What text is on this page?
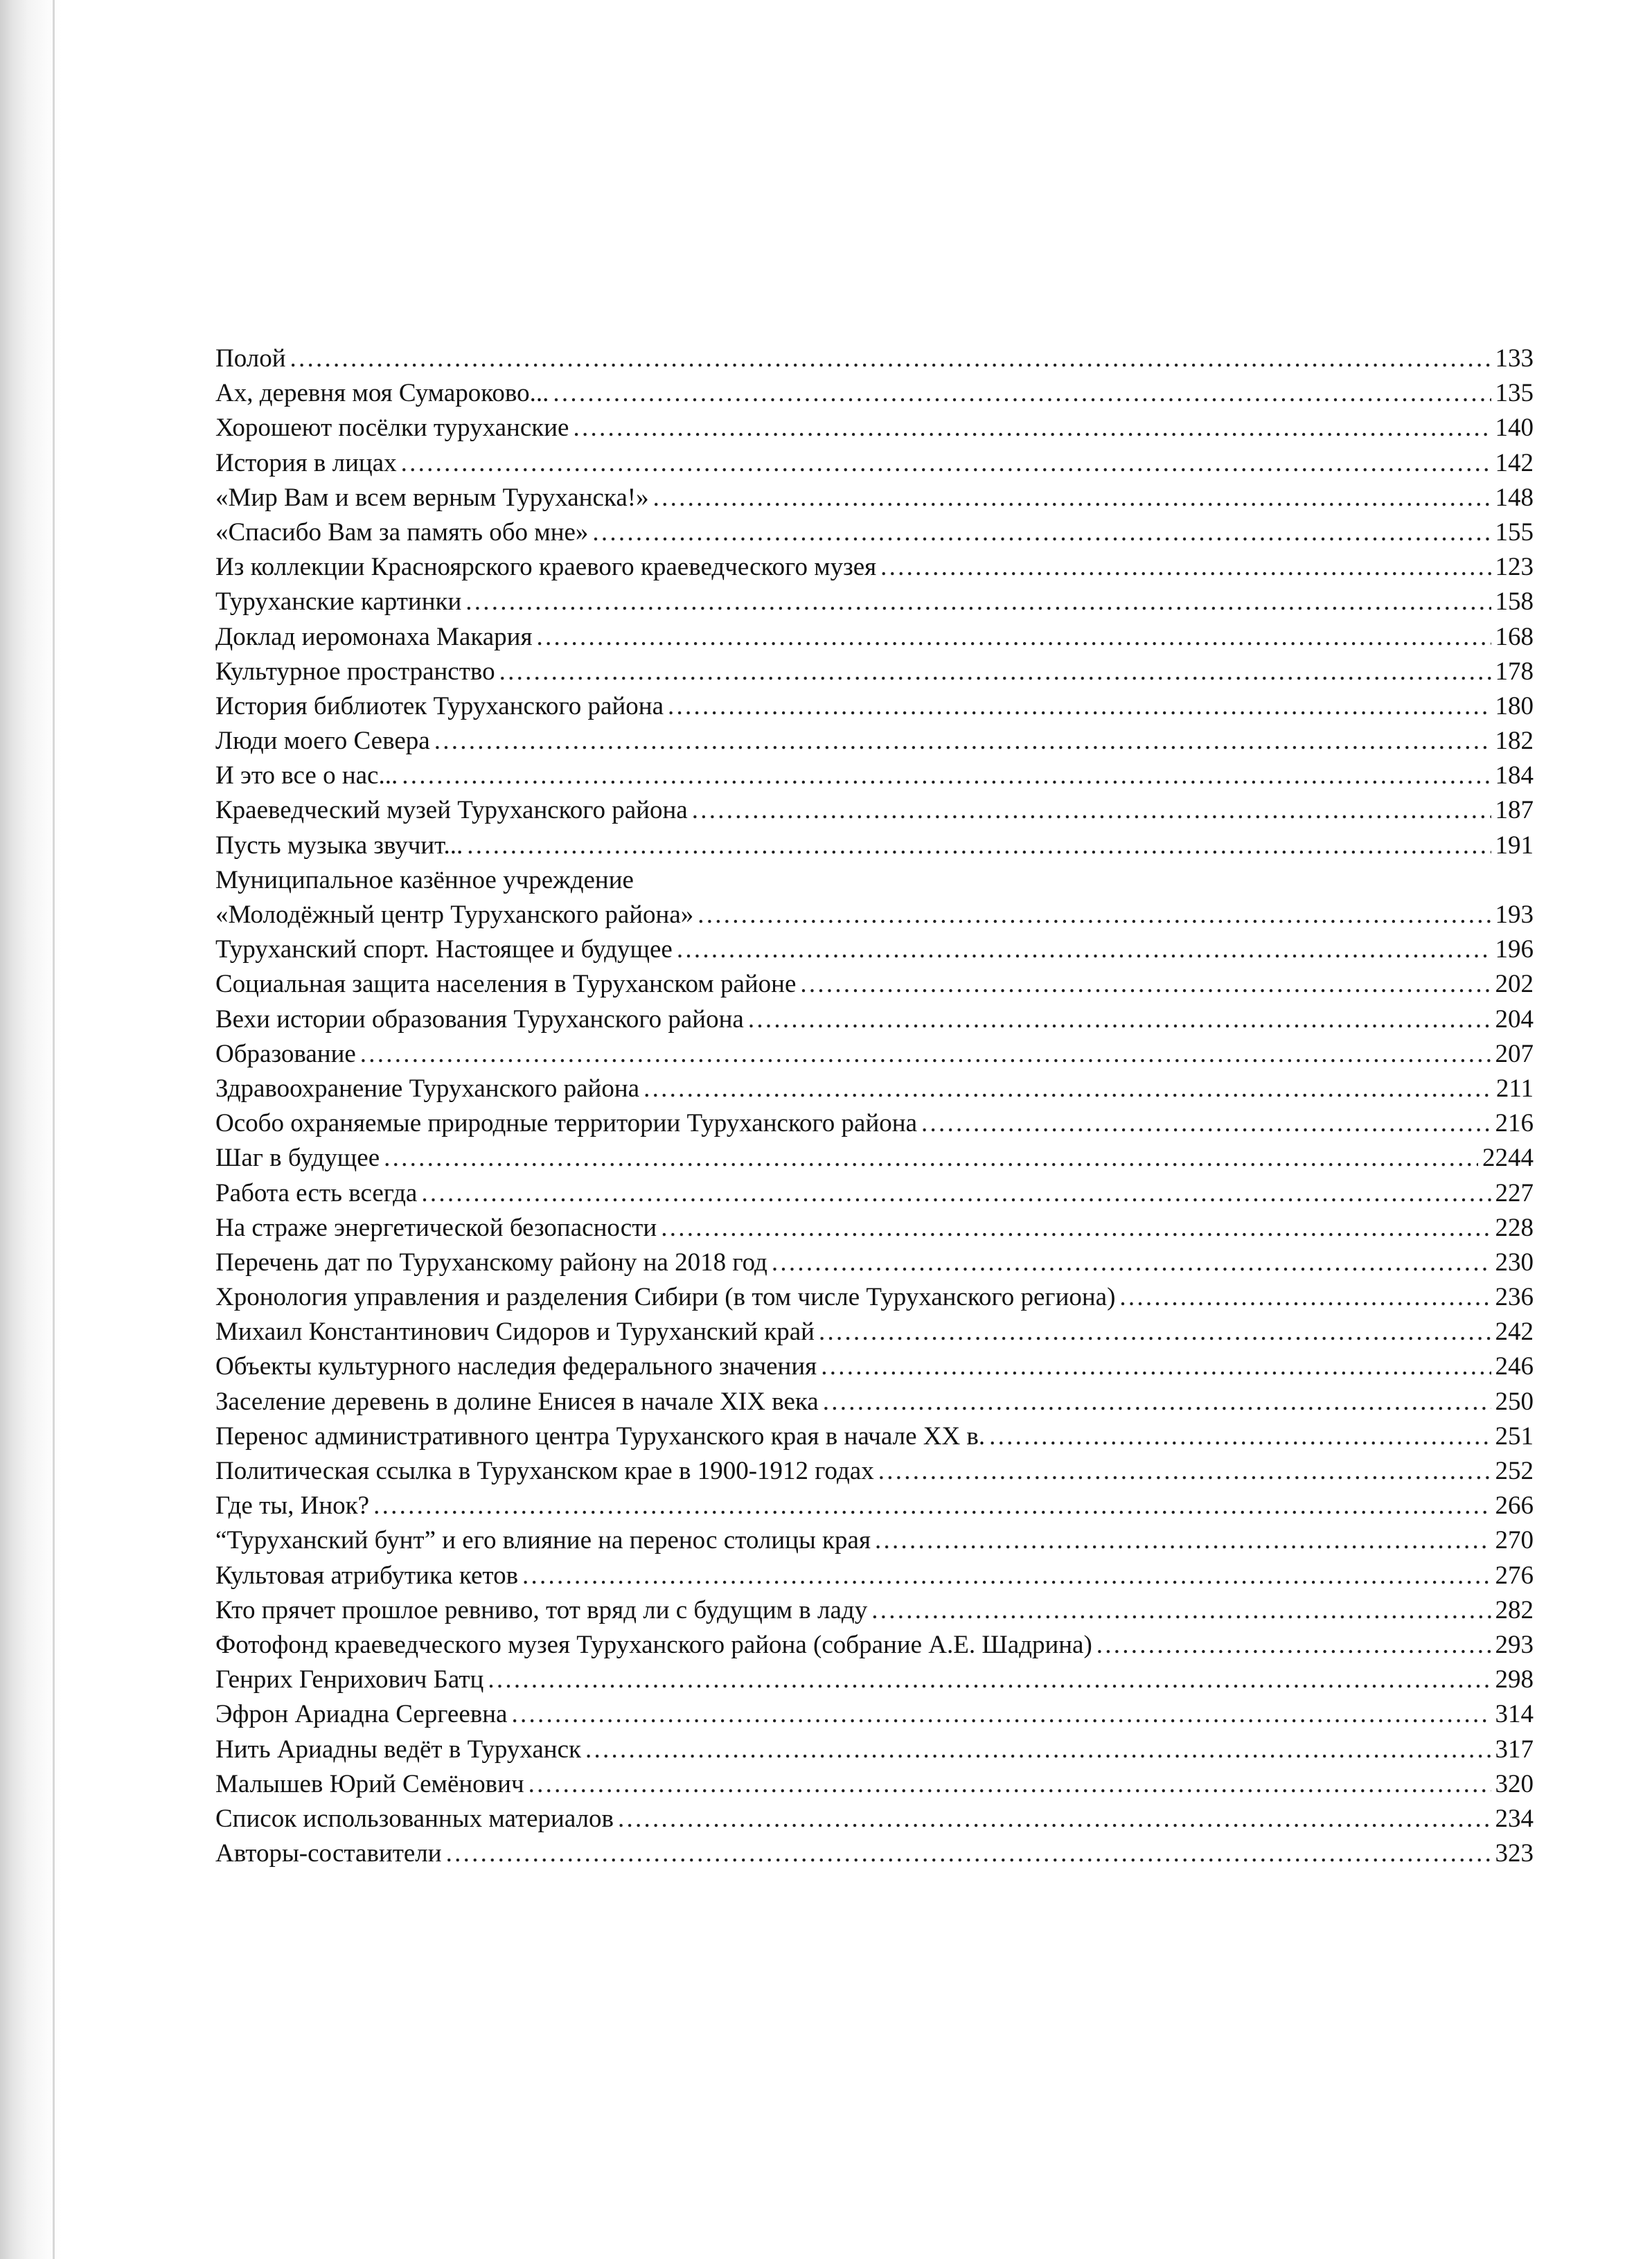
Полой . . .	133
Ах, деревня моя Сумароково... . . .	135
Хорошеют посёлки туруханские . . .	140
История в лицах . . .	142
«Мир Вам и всем верным Туруханска!» . . .	148
«Спасибо Вам за память обо мне» . . .	155
Из коллекции Красноярского краевого краеведческого музея . . .	123
Туруханские картинки . . .	158
Доклад иеромонаха Макария . . .	168
Культурное пространство . . .	178
История библиотек Туруханского района . . .	180
Люди моего Севера . . .	182
И это все о нас... . . .	184
Краеведческий музей Туруханского района . . .	187
Пусть музыка звучит... . . .	191
Муниципальное казённое учреждение
«Молодёжный центр Туруханского района» . . .	193
Туруханский спорт. Настоящее и будущее . . .	196
Социальная защита населения в Туруханском районе . . .	202
Вехи истории образования Туруханского района . . .	204
Образование . . .	207
Здравоохранение Туруханского района . . .	211
Особо охраняемые природные территории Туруханского района . . .	216
Шаг в будущее . . .	2244
Работа есть всегда . . .	227
На страже энергетической безопасности . . .	228
Перечень дат по Туруханскому району на 2018 год . . .	230
Хронология управления и разделения Сибири (в том числе Туруханского региона) . . .	236
Михаил Константинович Сидоров и Туруханский край . . .	242
Объекты культурного наследия федерального значения . . .	246
Заселение деревень в долине Енисея в начале XIX века . . .	250
Перенос административного центра Туруханского края в начале XX в. . . .	251
Политическая ссылка в Туруханском крае в 1900-1912 годах . . .	252
Где ты, Инок? . . .	266
“Туруханский бунт” и его влияние на перенос столицы края . . .	270
Культовая атрибутика кетов . . .	276
Кто прячет прошлое ревниво, тот вряд ли с будущим в ладу . . .	282
Фотофонд краеведческого музея Туруханского района (собрание А.Е. Шадрина) . . .	293
Генрих Генрихович Батц . . .	298
Эфрон Ариадна Сергеевна . . .	314
Нить Ариадны ведёт в Туруханск . . .	317
Малышев Юрий Семёнович . . .	320
Список использованных материалов . . .	234
Авторы-составители . . .	323
